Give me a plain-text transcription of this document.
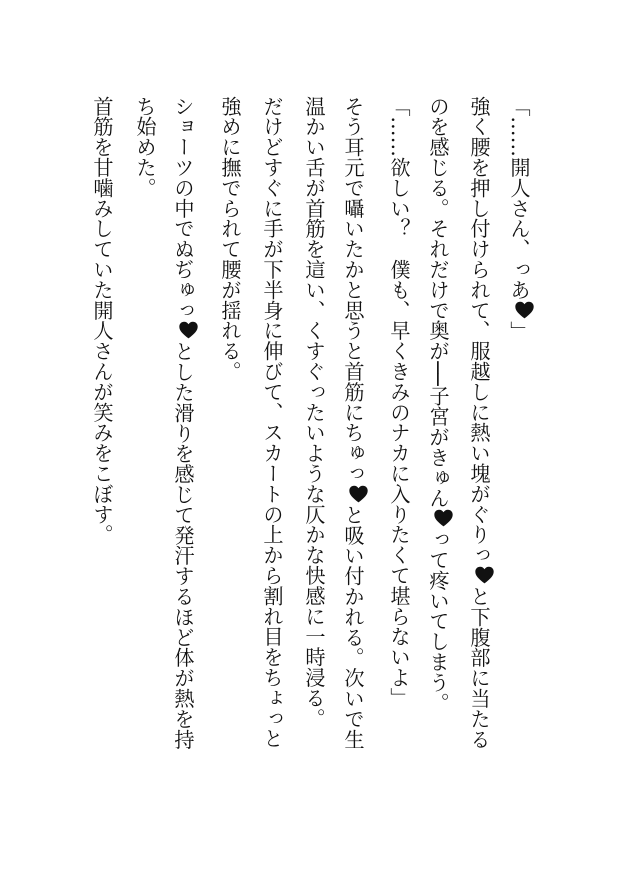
「……開人さん、っあ
」
強く腰を押し付けられて、服越しに熱い塊がぐりっ
と下腹部に当たる
のを感じる。それだけで奥が──子宮がきゅん
って疼いてしまう。
「……欲しい？　僕も、早くきみのナカに入りたくて堪らないよ」
そう耳元で囁いたかと思うと首筋にちゅっ
と吸い付かれる。次いで生
温かい舌が首筋を這い、くすぐったいような仄かな快感に一時浸る。
だけどすぐに手が下半身に伸びて、スカートの上から割れ目をちょっと
強めに撫でられて腰が揺れる。
ショーツの中でぬぢゅっ
とした滑りを感じて発汗するほど体が熱を持
ち始めた。
首筋を甘噛みしていた開人さんが笑みをこぼす。
